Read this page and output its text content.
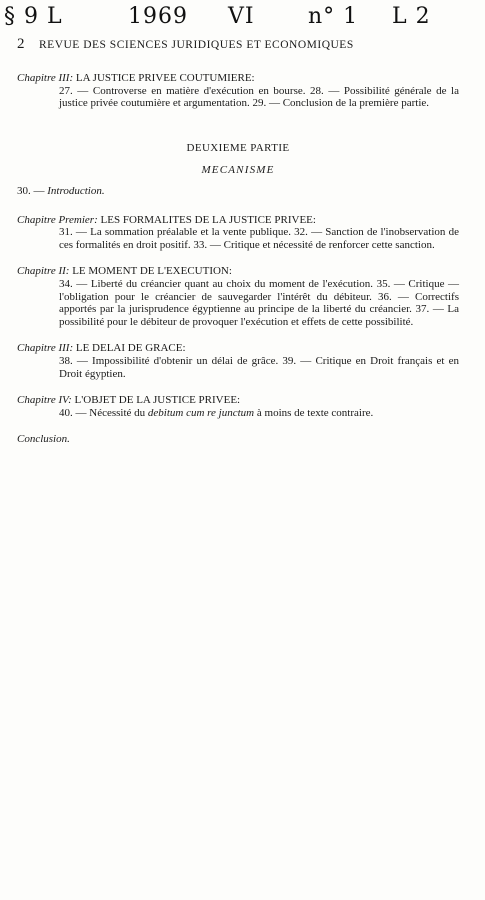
§ 9 L	1969 VI n° 1 L 2
2 REVUE DES SCIENCES JURIDIQUES ET ECONOMIQUES

Chapitre III: LA JUSTICE PRIVEE COUTUMIERE:

27. — Controverse en matière d'exécution en bourse. 28. — Possibilité générale de la justice privée coutumière et argumentation. 29. — Conclusion de la première partie.

DEUXIEME PARTIE

MECANISME

30. — Introduction.

Chapitre Premier: LES FORMALITES DE LA JUSTICE PRIVEE:

31. — La sommation préalable et la vente publique. 32. — Sanction de l'inobservation de ces formalités en droit positif. 33. — Critique et nécessité de renforcer cette sanction.

Chapitre II: LE MOMENT DE L'EXECUTION:

34. — Liberté du créancier quant au choix du moment de l'exécution. 35. — Critique — l'obligation pour le créancier de sauvegarder l'intérêt du débiteur. 36. — Correctifs apportés par la jurisprudence égyptienne au principe de la liberté du créancier. 37. — La possibilité pour le débiteur de provoquer l'exécution et effets de cette possibilité.

Chapitre III: LE DELAI DE GRACE:

38. — Impossibilité d'obtenir un délai de grâce. 39. — Critique en Droit français et en Droit égyptien.

Chapitre IV: L'OBJET DE LA JUSTICE PRIVEE:

40. — Nécessité du debitum cum re junctum à moins de texte contraire.

Conclusion.
